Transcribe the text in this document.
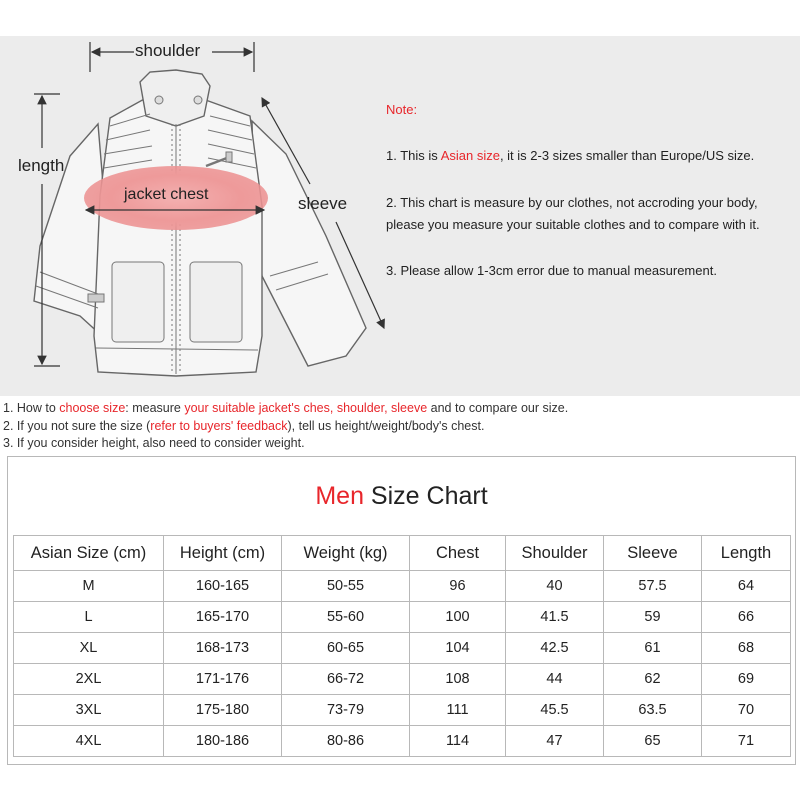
shoulder
length
jacket chest	sleeve
Note:
1. This is Asian size, it is 2-3 sizes smaller than Europe/US size.
2. This chart is measure by our clothes, not accroding your body,
please you measure your suitable clothes and to compare with it.
3. Please allow 1-3cm error due to manual measurement.
1. How to choose size: measure your suitable jacket's ches, shoulder, sleeve and to compare our size.
2. If you not sure the size (refer to buyers' feedback), tell us height/weight/body's chest.
3. If you consider height, also need to consider weight.
Men Size Chart
Asian Size (cm)	Height (cm)	Weight (kg)	Chest	Shoulder	Sleeve	Length
M	160-165	50-55	96	40	57.5	64
L	165-170	55-60	100	41.5	59	66
XL	168-173	60-65	104	42.5	61	68
2XL	171-176	66-72	108	44	62	69
3XL	175-180	73-79	111	45.5	63.5	70
4XL	180-186	80-86	114	47	65	71
